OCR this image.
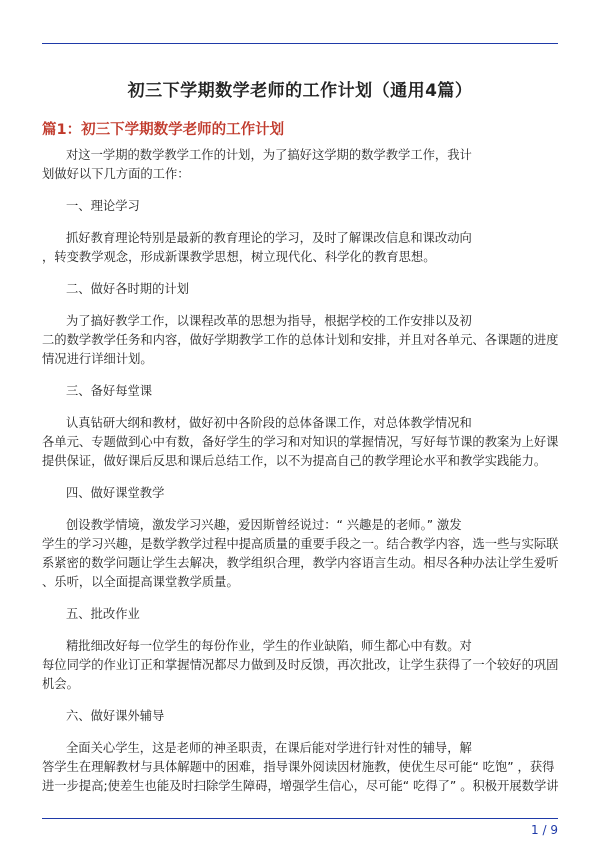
初三下学期数学老师的工作计划（通用4篇）
篇1：初三下学期数学老师的工作计划
对这一学期的数学教学工作的计划，为了搞好这学期的数学教学工作，我计
划做好以下几方面的工作：
一、理论学习
抓好教育理论特别是最新的教育理论的学习，及时了解课改信息和课改动向
，转变教学观念，形成新课教学思想，树立现代化、科学化的教育思想。
二、做好各时期的计划
为了搞好教学工作，以课程改革的思想为指导，根据学校的工作安排以及初
二的数学教学任务和内容，做好学期教学工作的总体计划和安排，并且对各单元、各课题的进度
情况进行详细计划。
三、备好每堂课
认真钻研大纲和教材，做好初中各阶段的总体备课工作，对总体教学情况和
各单元、专题做到心中有数，备好学生的学习和对知识的掌握情况，写好每节课的教案为上好课
提供保证，做好课后反思和课后总结工作，以不为提高自己的教学理论水平和教学实践能力。
四、做好课堂教学
创设教学情境，激发学习兴趣，爱因斯曾经说过：“ 兴趣是的老师。” 激发
学生的学习兴趣，是数学教学过程中提高质量的重要手段之一。结合教学内容，选一些与实际联
系紧密的数学问题让学生去解决，教学组织合理，教学内容语言生动。相尽各种办法让学生爱听
、乐听，以全面提高课堂教学质量。
五、批改作业
精批细改好每一位学生的每份作业，学生的作业缺陷，师生都心中有数。对
每位同学的作业订正和掌握情况都尽力做到及时反馈，再次批改，让学生获得了一个较好的巩固
机会。
六、做好课外辅导
全面关心学生，这是老师的神圣职责，在课后能对学进行针对性的辅导，解
答学生在理解教材与具体解题中的困难，指导课外阅读因材施教，使优生尽可能“ 吃饱” ，获得
进一步提高;使差生也能及时扫除学生障碍，增强学生信心，尽可能“ 吃得了” 。积极开展数学讲
1 / 9
